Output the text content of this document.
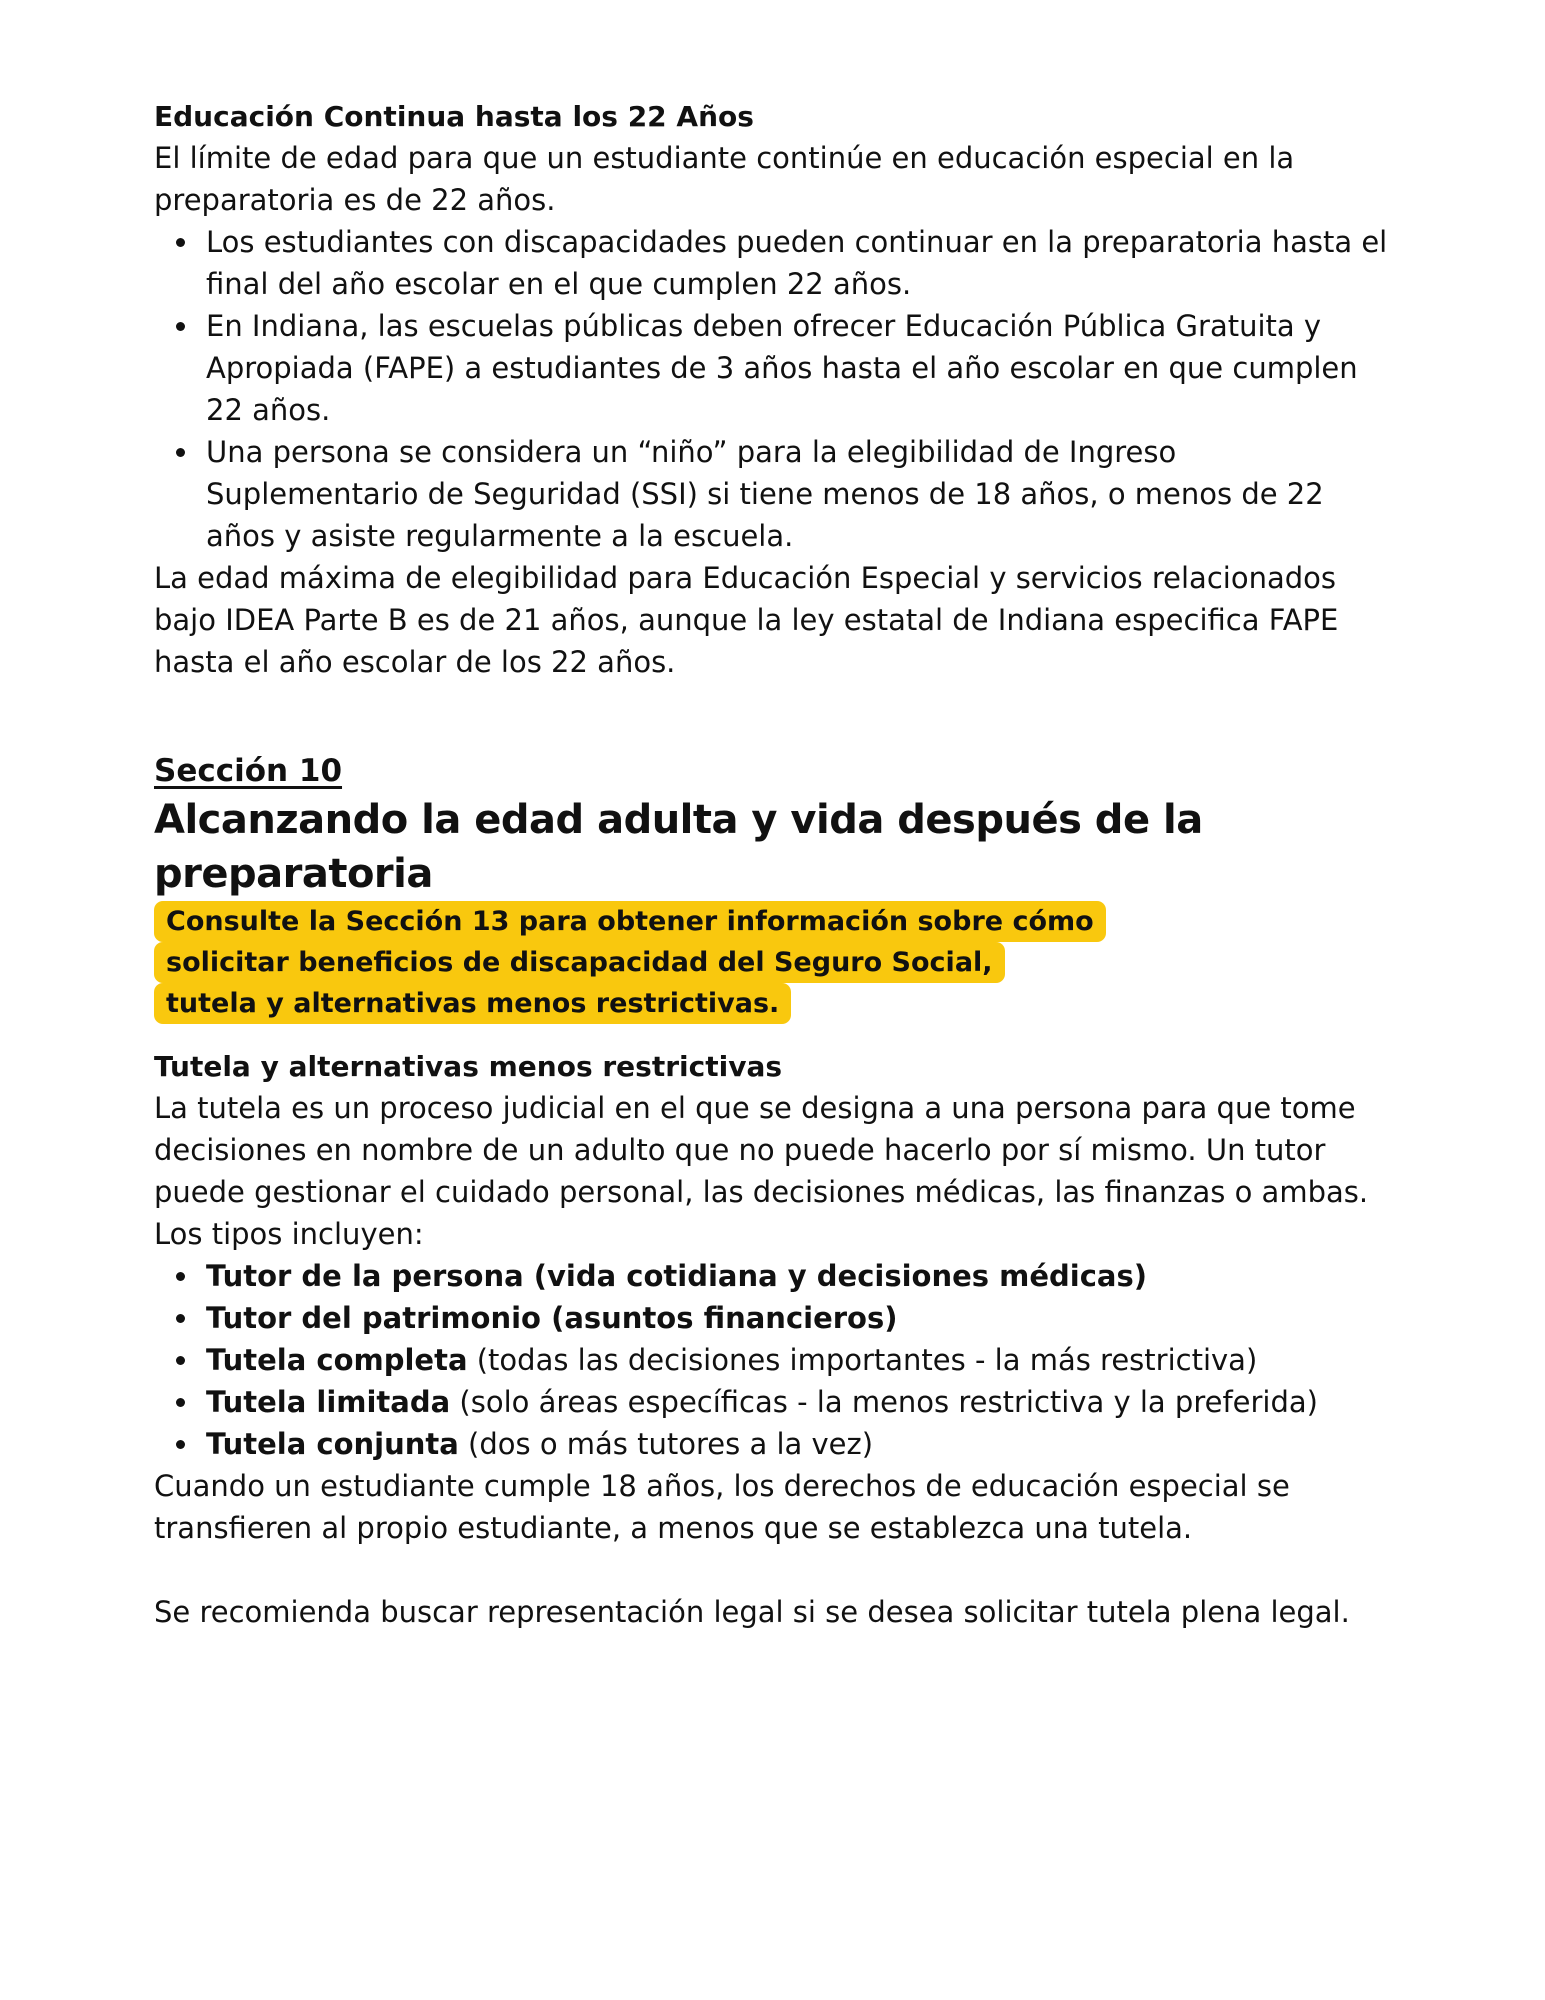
Educación Continua hasta los 22 Años

El límite de edad para que un estudiante continúe en educación especial en la preparatoria es de 22 años.

Los estudiantes con discapacidades pueden continuar en la preparatoria hasta el final del año escolar en el que cumplen 22 años.
En Indiana, las escuelas públicas deben ofrecer Educación Pública Gratuita y Apropiada (FAPE) a estudiantes de 3 años hasta el año escolar en que cumplen 22 años.
Una persona se considera un “niño” para la elegibilidad de Ingreso Suplementario de Seguridad (SSI) si tiene menos de 18 años, o menos de 22 años y asiste regularmente a la escuela.

La edad máxima de elegibilidad para Educación Especial y servicios relacionados bajo IDEA Parte B es de 21 años, aunque la ley estatal de Indiana especifica FAPE hasta el año escolar de los 22 años.

Sección 10

Alcanzando la edad adulta y vida después de la preparatoria

Consulte la Sección 13 para obtener información sobre cómo
solicitar beneficios de discapacidad del Seguro Social,
tutela y alternativas menos restrictivas.

Tutela y alternativas menos restrictivas

La tutela es un proceso judicial en el que se designa a una persona para que tome decisiones en nombre de un adulto que no puede hacerlo por sí mismo. Un tutor puede gestionar el cuidado personal, las decisiones médicas, las finanzas o ambas. Los tipos incluyen:

Tutor de la persona (vida cotidiana y decisiones médicas)
Tutor del patrimonio (asuntos financieros)
Tutela completa (todas las decisiones importantes - la más restrictiva)
Tutela limitada (solo áreas específicas - la menos restrictiva y la preferida)
Tutela conjunta (dos o más tutores a la vez)

Cuando un estudiante cumple 18 años, los derechos de educación especial se transfieren al propio estudiante, a menos que se establezca una tutela.

Se recomienda buscar representación legal si se desea solicitar tutela plena legal.
